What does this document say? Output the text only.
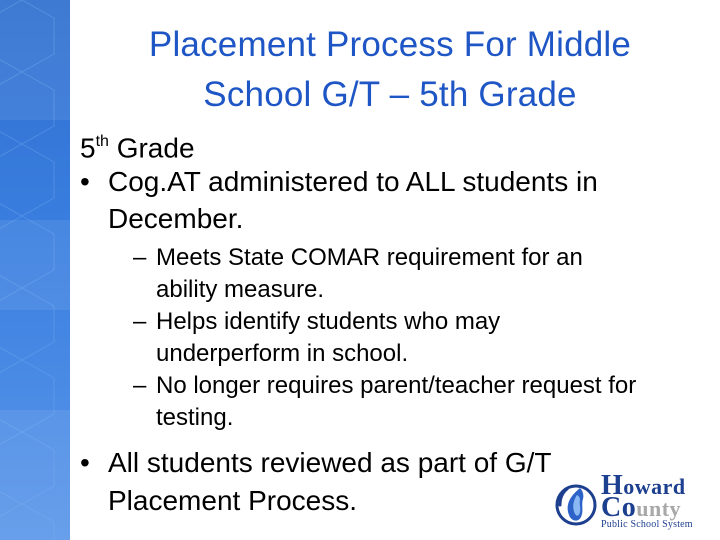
Placement Process For Middle
School G/T – 5th Grade

5th Grade

• Cog.AT administered to ALL students in
December.
– Meets State COMAR requirement for an
ability measure.
– Helps identify students who may
underperform in school.
– No longer requires parent/teacher request for
testing.
• All students reviewed as part of G/T
Placement Process.	Howard
County
Public School System
